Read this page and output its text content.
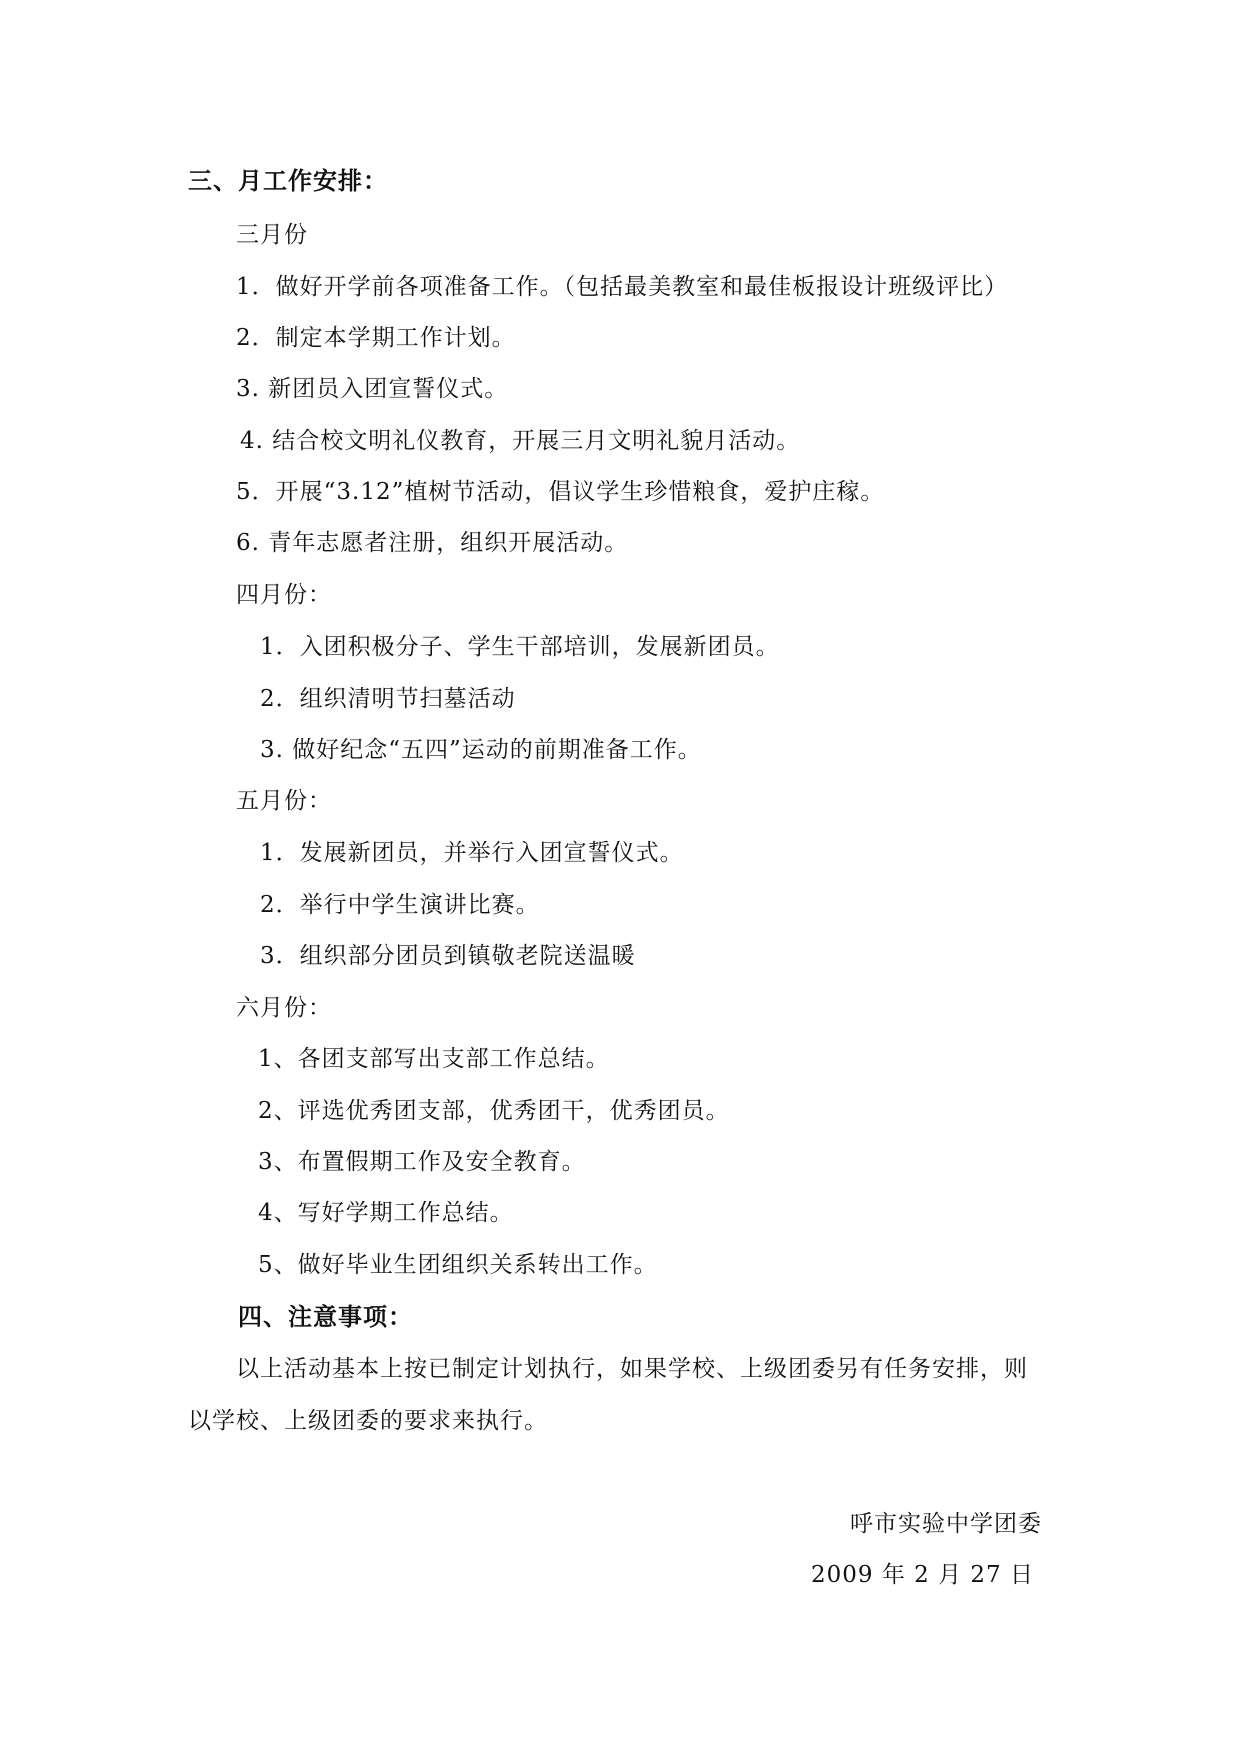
三、月工作安排：
三月份
1．做好开学前各项准备工作。（包括最美教室和最佳板报设计班级评比）
2．制定本学期工作计划。
3. 新团员入团宣誓仪式。
4. 结合校文明礼仪教育，开展三月文明礼貌月活动。
5．开展“3.12”植树节活动，倡议学生珍惜粮食，爱护庄稼。
6. 青年志愿者注册，组织开展活动。
四月份：
1．入团积极分子、学生干部培训，发展新团员。
2．组织清明节扫墓活动
3. 做好纪念“五四”运动的前期准备工作。
五月份：
1．发展新团员，并举行入团宣誓仪式。
2．举行中学生演讲比赛。
3．组织部分团员到镇敬老院送温暖
六月份：
1、各团支部写出支部工作总结。
2、评选优秀团支部，优秀团干，优秀团员。
3、布置假期工作及安全教育。
4、写好学期工作总结。
5、做好毕业生团组织关系转出工作。
四、注意事项：
以上活动基本上按已制定计划执行，如果学校、上级团委另有任务安排，则
以学校、上级团委的要求来执行。
呼市实验中学团委
2009 年 2 月 27 日
